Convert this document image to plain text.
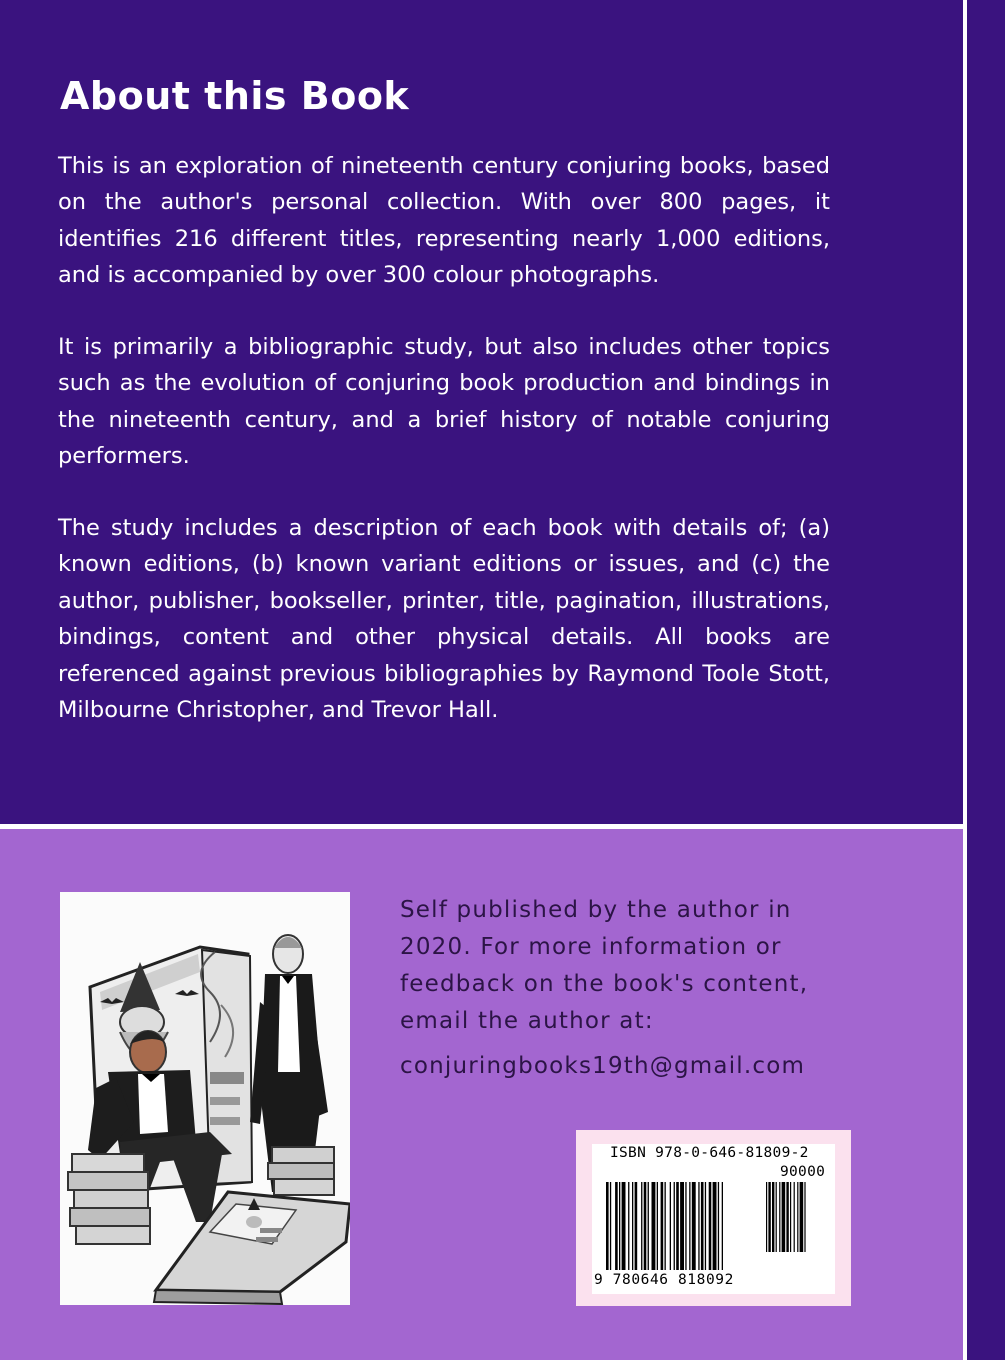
About this Book

This is an exploration of nineteenth century conjuring books, based on the author's personal collection. With over 800 pages, it identifies 216 different titles, representing nearly 1,000 editions, and is accompanied by over 300 colour photographs.

It is primarily a bibliographic study, but also includes other topics such as the evolution of conjuring book production and bindings in the nineteenth century, and a brief history of notable conjuring performers.

The study includes a description of each book with details of; (a) known editions, (b) known variant editions or issues, and (c) the author, publisher, bookseller, printer, title, pagination, illustrations, bindings, content and other physical details. All books are referenced against previous bibliographies by Raymond Toole Stott, Milbourne Christopher, and Trevor Hall.

Self published by the author in
2020. For more information or
feedback on the book's content,
email the author at:
conjuringbooks19th@gmail.com

ISBN 978-0-646-81809-2

90000

9 780646 818092
